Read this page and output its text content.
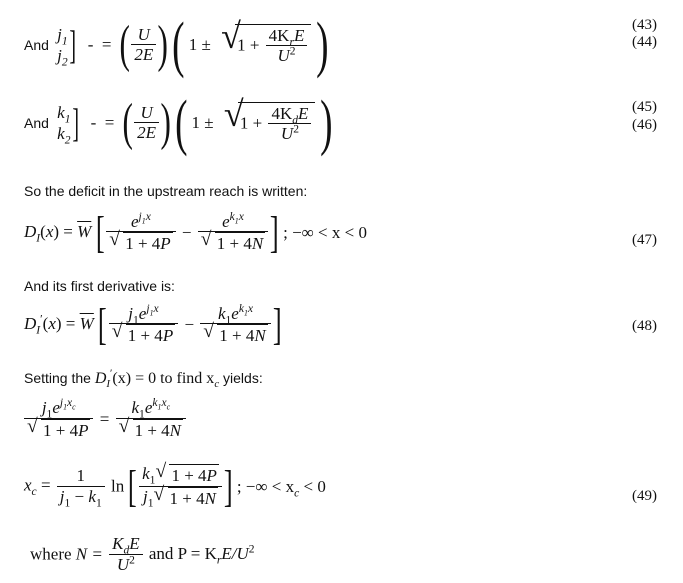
And
$j_1$
$j_2$ ]  -  =  ( $\frac{U}{2E}$ ) ( 1 ± √
$1 + \frac{4K_rE}{U^2}$ )	(43)
(44)
And
$k_1$
$k_2$ ]  -  =  ( $\frac{U}{2E}$ ) ( 1 ± √
$1 + \frac{4K_dE}{U^2}$ )	(45)
(46)
So the deficit in the upstream reach is written:
$D_I(x) = \overline{W}$ [ $\frac{e^{j_1x}}{√ 1 + 4P} - \frac{e^{k_1x}}{√ 1 + 4N}$ ] ; −∞ < x < 0	(47)
And its first derivative is:
$D_I'(x) = \overline{W}$ [ $\frac{j_1e^{j_1x}}{√ 1 + 4P} - \frac{k_1e^{k_1x}}{√ 1 + 4N}$ ]	(48)
Setting the $D_I'(x) = 0$ to find $x_c$ yields:
$\frac{j_1e^{j_1x_c}}{√ 1 + 4P} = \frac{k_1e^{k_1x_c}}{√ 1 + 4N}$
$x_c = \frac{1}{j_1 - k_1}$ ln [ $\frac{k_1 √ 1 + 4P}{j_1 √ 1 + 4N}$ ] ; −∞ < $x_c < 0$
(49)
where $N = \frac{K_dE}{U^2}$ and $P = K_rE/U^2$
